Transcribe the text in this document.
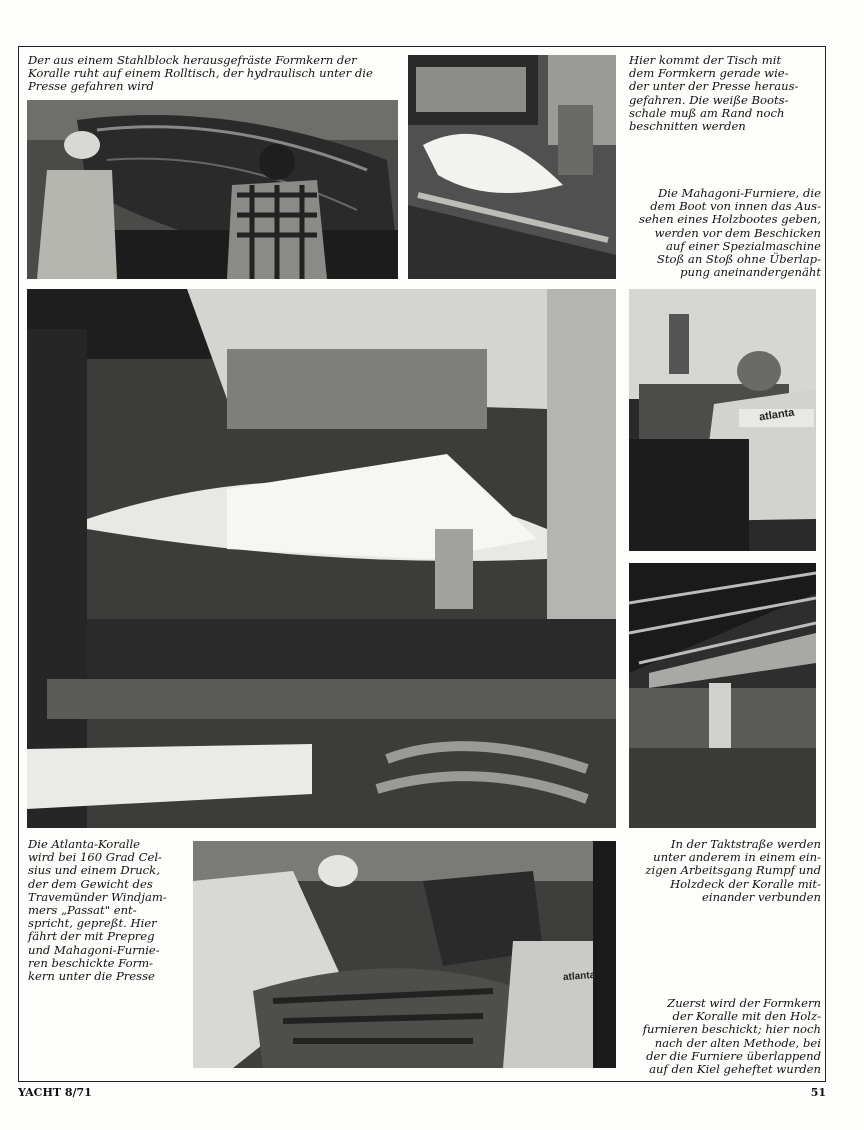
Der aus einem Stahlblock herausgefräste Formkern der
Koralle ruht auf einem Rolltisch, der hydraulisch unter die
Presse gefahren wird

Hier kommt der Tisch mit
dem Formkern gerade wie-
der unter der Presse heraus-
gefahren. Die weiße Boots-
schale muß am Rand noch
beschnitten werden

Die Mahagoni-Furniere, die
dem Boot von innen das Aus-
sehen eines Holzbootes geben,
werden vor dem Beschicken
auf einer Spezialmaschine
Stoß an Stoß ohne Überlap-
pung aneinandergenäht

atlanta

Die Atlanta-Koralle
wird bei 160 Grad Cel-
sius und einem Druck,
der dem Gewicht des
Travemünder Windjam-
mers „Passat" ent-
spricht, gepreßt. Hier
fährt der mit Prepreg
und Mahagoni-Furnie-
ren beschickte Form-
kern unter die Presse	atlanta

In der Taktstraße werden
unter anderem in einem ein-
zigen Arbeitsgang Rumpf und
Holzdeck der Koralle mit-
einander verbunden

Zuerst wird der Formkern
der Koralle mit den Holz-
furnieren beschickt; hier noch
nach der alten Methode, bei
der die Furniere überlappend
auf den Kiel geheftet wurden

YACHT 8/71	51
